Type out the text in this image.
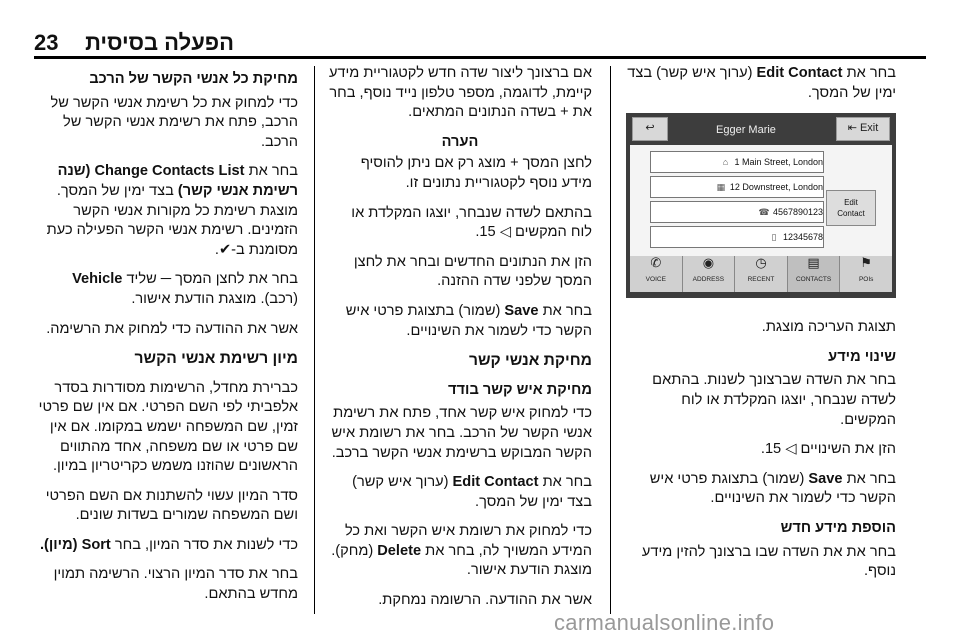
23 הפעלה בסיסית

בחר את Edit Contact (ערוך איש קשר) בצד ימין של המסך.

↩	Egger Marie	⇤ Exit
⌂ 1 Main Street, London
▦ 12 Downstreet, London
☎ 4567890123
▯ 12345678
Edit
Contact
✆
VOICE
◉
ADDRESS
◷
RECENT
▤
CONTACTS
⚑
POIs

תצוגת העריכה מוצגת.

שינוי מידע

בחר את השדה שברצונך לשנות. בהתאם לשדה שנבחר, יוצגו המקלדת או לוח המקשים.

הזן את השינויים ◁ 15.

בחר את Save (שמור) בתצוגת פרטי איש הקשר כדי לשמור את השינויים.

הוספת מידע חדש

בחר את את השדה שבו ברצונך להזין מידע נוסף.

אם ברצונך ליצור שדה חדש לקטגוריית מידע קיימת, לדוגמה, מספר טלפון נייד נוסף, בחר את + בשדה הנתונים המתאים.

הערה

לחצן המסך + מוצג רק אם ניתן להוסיף מידע נוסף לקטגוריית נתונים זו.

בהתאם לשדה שנבחר, יוצגו המקלדת או לוח המקשים ◁ 15.

הזן את הנתונים החדשים ובחר את לחצן המסך שלפני שדה ההזנה.

בחר את Save (שמור) בתצוגת פרטי איש הקשר כדי לשמור את השינויים.

מחיקת אנשי קשר
מחיקת איש קשר בודד

כדי למחוק איש קשר אחד, פתח את רשימת אנשי הקשר של הרכב. בחר את רשומת איש הקשר המבוקש ברשימת אנשי הקשר ברכב.

בחר את Edit Contact (ערוך איש קשר) בצד ימין של המסך.

כדי למחוק את רשומת איש הקשר ואת כל המידע המשויך לה, בחר את Delete (מחק). מוצגת הודעת אישור.

אשר את ההודעה. הרשומה נמחקת.

מחיקת כל אנשי הקשר של הרכב

כדי למחוק את כל רשימת אנשי הקשר של הרכב, פתח את רשימת אנשי הקשר של הרכב.

בחר את Change Contacts List (שנה רשימת אנשי קשר) בצד ימין של המסך. מוצגת רשימת כל מקורות אנשי הקשר הזמינים. רשימת אנשי הקשר הפעילה כעת מסומנת ב-✔.

בחר את לחצן המסך ─ שליד Vehicle (רכב). מוצגת הודעת אישור.

אשר את ההודעה כדי למחוק את הרשימה.

מיון רשימת אנשי הקשר

כברירת מחדל, הרשימות מסודרות בסדר אלפביתי לפי השם הפרטי. אם אין שם פרטי זמין, שם המשפחה ישמש במקומו. אם אין שם פרטי או שם משפחה, אחד מהתווים הראשונים שהוזנו משמש כקריטריון במיון.

סדר המיון עשוי להשתנות אם השם הפרטי ושם המשפחה שמורים בשדות שונים.

כדי לשנות את סדר המיון, בחר Sort (מיון).

בחר את סדר המיון הרצוי. הרשימה תמוין מחדש בהתאם.

carmanualsonline.info
